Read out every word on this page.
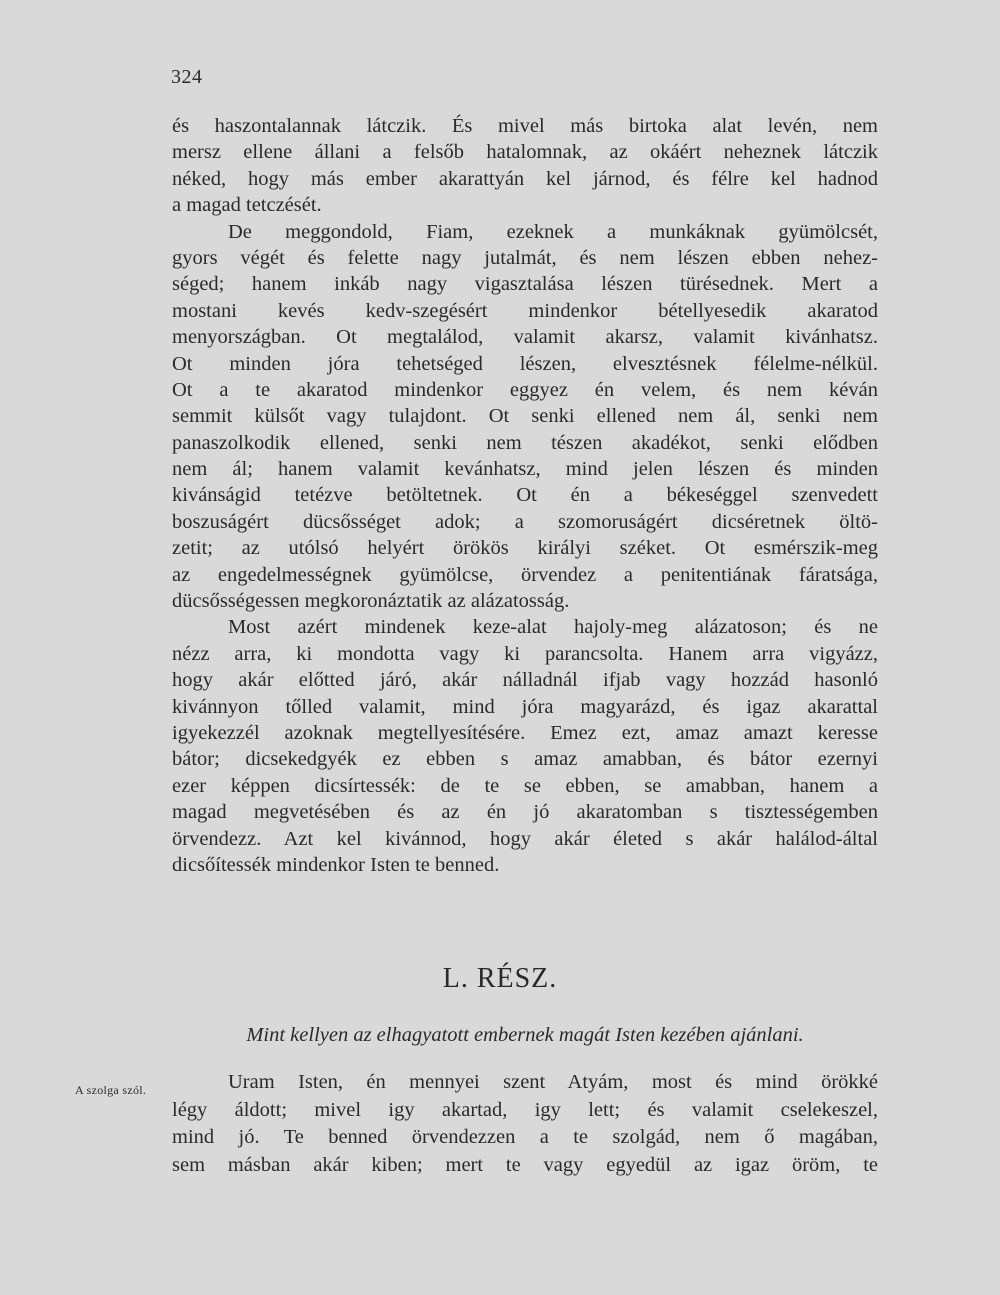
324
és haszontalannak látczik. És mivel más birtoka alat levén, nem
mersz ellene állani a felsőb hatalomnak, az okáért neheznek látczik
néked, hogy más ember akarattyán kel járnod, és félre kel hadnod
a magad tetczését.
De meggondold, Fiam, ezeknek a munkáknak gyümölcsét,
gyors végét és felette nagy jutalmát, és nem lészen ebben nehez-
séged; hanem inkáb nagy vigasztalása lészen türésednek. Mert a
mostani kevés kedv-szegésért mindenkor bétellyesedik akaratod
menyországban. Ot megtalálod, valamit akarsz, valamit kivánhatsz.
Ot minden jóra tehetséged lészen, elvesztésnek félelme-nélkül.
Ot a te akaratod mindenkor eggyez én velem, és nem kéván
semmit külsőt vagy tulajdont. Ot senki ellened nem ál, senki nem
panaszolkodik ellened, senki nem tészen akadékot, senki elődben
nem ál; hanem valamit kevánhatsz, mind jelen lészen és minden
kivánságid tetézve betöltetnek. Ot én a békeséggel szenvedett
boszuságért dücsősséget adok; a szomoruságért dicséretnek öltö-
zetit; az utólsó helyért örökös királyi széket. Ot esmérszik-meg
az engedelmességnek gyümölcse, örvendez a penitentiának fáratsága,
dücsősségessen megkoronáztatik az alázatosság.
Most azért mindenek keze-alat hajoly-meg alázatoson; és ne
nézz arra, ki mondotta vagy ki parancsolta. Hanem arra vigyázz,
hogy akár előtted járó, akár nálladnál ifjab vagy hozzád hasonló
kivánnyon tőlled valamit, mind jóra magyarázd, és igaz akarattal
igyekezzél azoknak megtellyesítésére. Emez ezt, amaz amazt keresse
bátor; dicsekedgyék ez ebben s amaz amabban, és bátor ezernyi
ezer képpen dicsírtessék: de te se ebben, se amabban, hanem a
magad megvetésében és az én jó akaratomban s tisztességemben
örvendezz. Azt kel kivánnod, hogy akár életed s akár halálod-által
dicsőítessék mindenkor Isten te benned.
L. RÉSZ.
Mint kellyen az elhagyatott embernek magát Isten kezében ajánlani.
A szolga szól.	Uram Isten, én mennyei szent Atyám, most és mind örökké
légy áldott; mivel igy akartad, igy lett; és valamit cselekeszel,
mind jó. Te benned örvendezzen a te szolgád, nem ő magában,
sem másban akár kiben; mert te vagy egyedül az igaz öröm, te
